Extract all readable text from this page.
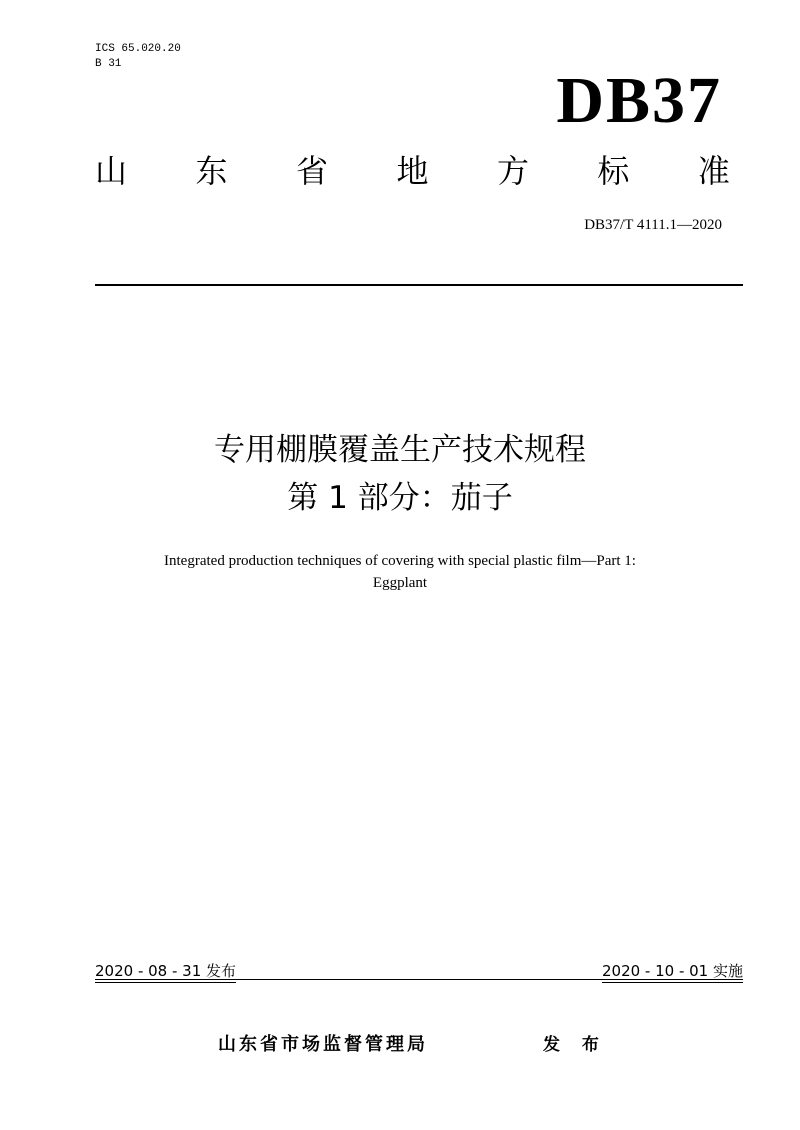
ICS 65.020.20
B 31	DB37
山 东 省 地 方 标 准
DB37/T 4111.1—2020
专用棚膜覆盖生产技术规程
第 1 部分：茄子
Integrated production techniques of covering with special plastic film—Part 1:
Eggplant
2020 - 08 - 31 发布	2020 - 10 - 01 实施
山东省市场监督管理局	发 布
